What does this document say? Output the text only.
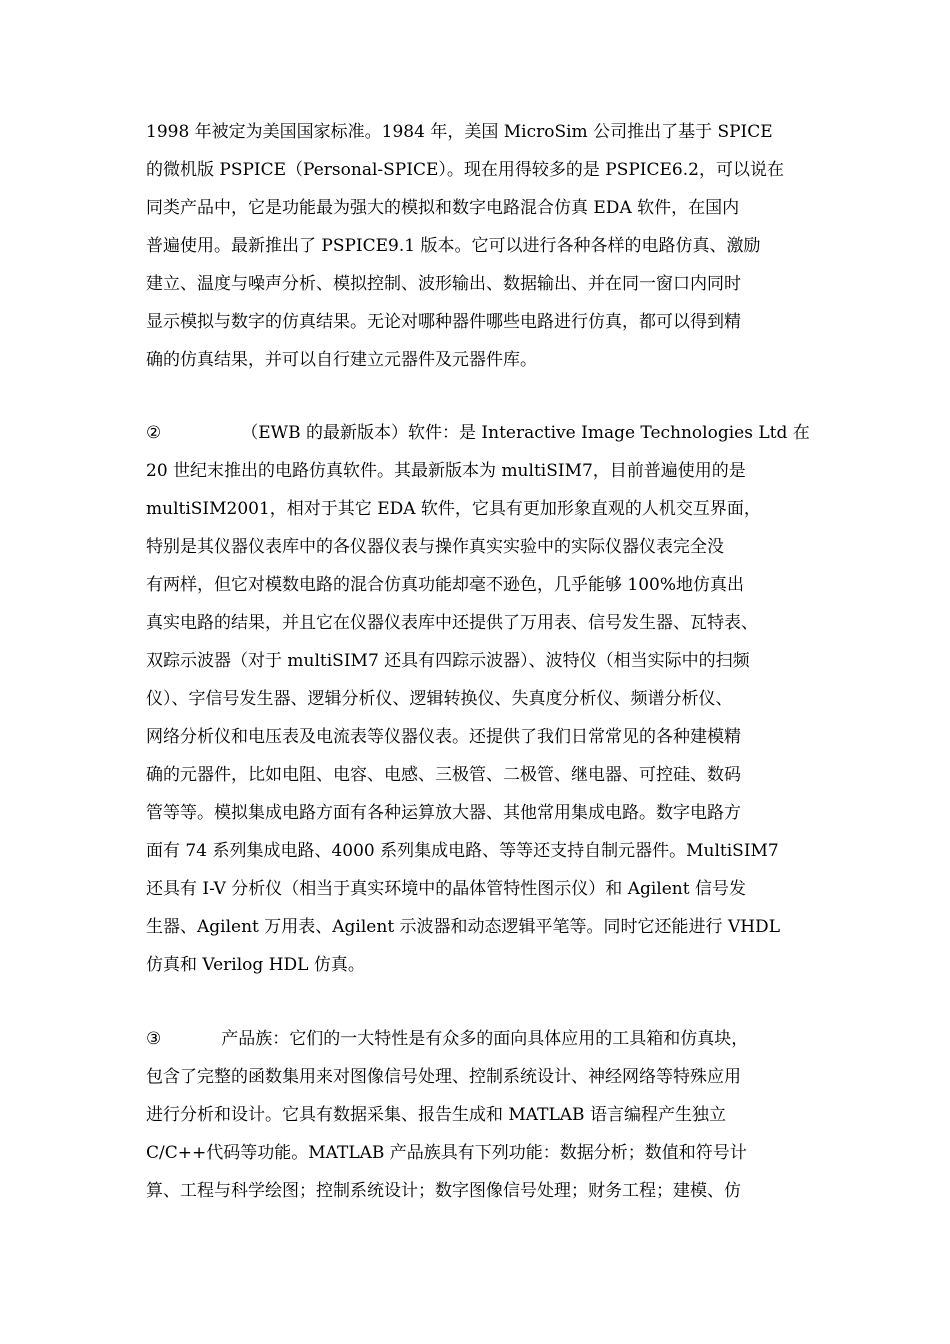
1998 年被定为美国国家标准。1984 年，美国 MicroSim 公司推出了基于 SPICE
的微机版 PSPICE（Personal-SPICE）。现在用得较多的是 PSPICE6.2，可以说在
同类产品中，它是功能最为强大的模拟和数字电路混合仿真 EDA 软件，在国内
普遍使用。最新推出了 PSPICE9.1 版本。它可以进行各种各样的电路仿真、激励
建立、温度与噪声分析、模拟控制、波形输出、数据输出、并在同一窗口内同时
显示模拟与数字的仿真结果。无论对哪种器件哪些电路进行仿真，都可以得到精
确的仿真结果，并可以自行建立元器件及元器件库。
②	（EWB 的最新版本）软件：是 Interactive Image Technologies Ltd 在
20 世纪末推出的电路仿真软件。其最新版本为 multiSIM7，目前普遍使用的是
multiSIM2001，相对于其它 EDA 软件，它具有更加形象直观的人机交互界面，
特别是其仪器仪表库中的各仪器仪表与操作真实实验中的实际仪器仪表完全没
有两样，但它对模数电路的混合仿真功能却毫不逊色，几乎能够 100%地仿真出
真实电路的结果，并且它在仪器仪表库中还提供了万用表、信号发生器、瓦特表、
双踪示波器（对于 multiSIM7 还具有四踪示波器）、波特仪（相当实际中的扫频
仪）、字信号发生器、逻辑分析仪、逻辑转换仪、失真度分析仪、频谱分析仪、
网络分析仪和电压表及电流表等仪器仪表。还提供了我们日常常见的各种建模精
确的元器件，比如电阻、电容、电感、三极管、二极管、继电器、可控硅、数码
管等等。模拟集成电路方面有各种运算放大器、其他常用集成电路。数字电路方
面有 74 系列集成电路、4000 系列集成电路、等等还支持自制元器件。MultiSIM7
还具有 I-V 分析仪（相当于真实环境中的晶体管特性图示仪）和 Agilent 信号发
生器、Agilent 万用表、Agilent 示波器和动态逻辑平笔等。同时它还能进行 VHDL
仿真和 Verilog HDL 仿真。
③	产品族：它们的一大特性是有众多的面向具体应用的工具箱和仿真块，
包含了完整的函数集用来对图像信号处理、控制系统设计、神经网络等特殊应用
进行分析和设计。它具有数据采集、报告生成和 MATLAB 语言编程产生独立
C/C++代码等功能。MATLAB 产品族具有下列功能：数据分析；数值和符号计
算、工程与科学绘图；控制系统设计；数字图像信号处理；财务工程；建模、仿
